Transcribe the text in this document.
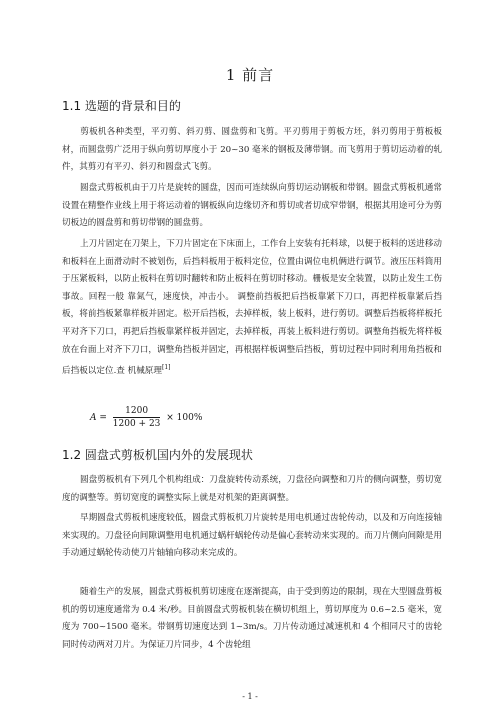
1 前言
1.1 选题的背景和目的

剪板机各种类型，平刃剪、斜刃剪、圆盘剪和飞剪。平刃剪用于剪板方坯，斜刃剪用于剪板板材，而圆盘剪广泛用于纵向剪切厚度小于 20~30 毫米的钢板及薄带钢。而飞剪用于剪切运动着的轧件，其剪刃有平刃、斜刃和圆盘式飞剪。

圆盘式剪板机由于刀片是旋转的圆盘，因而可连续纵向剪切运动钢板和带钢。圆盘式剪板机通常设置在精整作业线上用于将运动着的钢板纵向边缘切齐和剪切或者切成窄带钢，根据其用途可分为剪切板边的圆盘剪和剪切带钢的圆盘剪。

上刀片固定在刀架上，下刀片固定在下床面上，工作台上安装有托料球，以便于板料的送进移动和板料在上面滑动时不被划伤，后挡料板用于板料定位，位置由调位电机俩进行调节。液压压料筒用于压紧板料，以防止板料在剪切时翻转和防止板料在剪切时移动。栅板是安全装置，以防止发生工伤事故。回程一般 靠氮气，速度快，冲击小。 调整前挡板把后挡板靠紧下刀口，再把样板靠紧后挡板，将前挡板紧靠样板并固定。松开后挡板，去掉样板，装上板料，进行剪切。调整后挡板将样板托平对齐下刀口，再把后挡板靠紧样板并固定，去掉样板，再装上板料进行剪切。调整角挡板先将样板放在台面上对齐下刀口，调整角挡板并固定，再根据样板调整后挡板，剪切过程中同时利用角挡板和后挡板以定位.查 机械原理[1]

$A = \frac{1200}{1200 + 23} \times 100\%$
1.2 圆盘式剪板机国内外的发展现状

圆盘剪板机有下列几个机构组成：刀盘旋转传动系统，刀盘径向调整和刀片的侧向调整，剪切宽度的调整等。剪切宽度的调整实际上就是对机架的距离调整。

早期圆盘式剪板机速度较低，圆盘式剪板机刀片旋转是用电机通过齿轮传动，以及和万向连接轴来实现的。刀盘径向间隙调整用电机通过蜗杆蜗轮传动是偏心套转动来实现的。而刀片侧向间隙是用手动通过蜗轮传动使刀片轴轴向移动来完成的。

随着生产的发展，圆盘式剪板机剪切速度在逐渐提高，由于受到剪边的限制，现在大型圆盘剪板机的剪切速度通常为 0.4 米/秒。目前圆盘式剪板机装在横切机组上，剪切厚度为 0.6~2.5 毫米，宽度为 700~1500 毫米。带钢剪切速度达到 1~3m/s。刀片传动通过减速机和 4 个相同尺寸的齿轮同时传动两对刀片。为保证刀片同步，4 个齿轮组

- 1 -
